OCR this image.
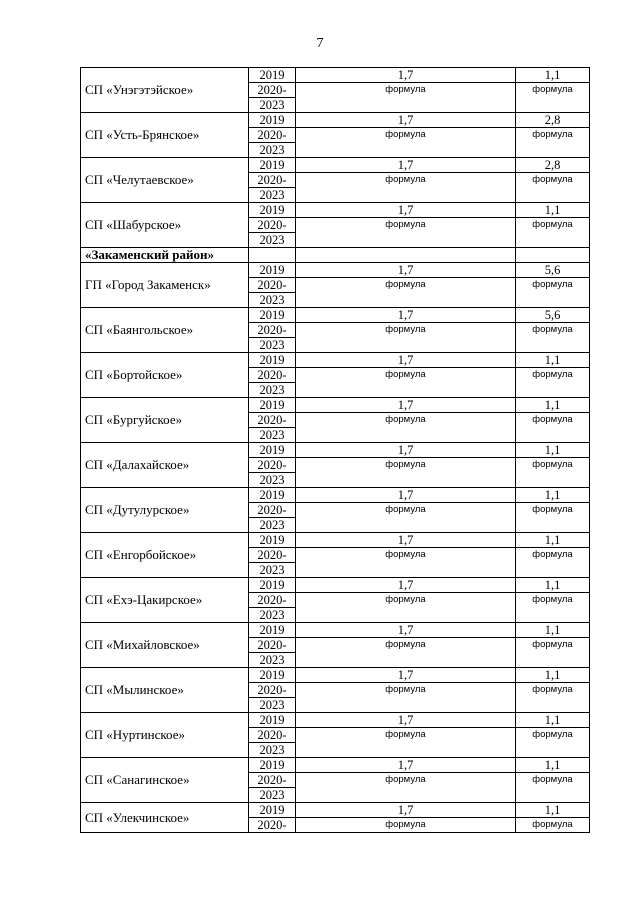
7
СП «Унэгэтэйское»	2019	1,7	1,1
	2020-	формула	формула
	2023		
СП «Усть-Брянское»	2019	1,7	2,8
	2020-	формула	формула
	2023		
СП «Челутаевское»	2019	1,7	2,8
	2020-	формула	формула
	2023		
СП «Шабурское»	2019	1,7	1,1
	2020-	формула	формула
	2023		
«Закаменский район»			
ГП «Город Закаменск»	2019	1,7	5,6
	2020-	формула	формула
	2023		
СП «Баянгольское»	2019	1,7	5,6
	2020-	формула	формула
	2023		
СП «Бортойское»	2019	1,7	1,1
	2020-	формула	формула
	2023		
СП «Бургуйское»	2019	1,7	1,1
	2020-	формула	формула
	2023		
СП «Далахайское»	2019	1,7	1,1
	2020-	формула	формула
	2023		
СП «Дутулурское»	2019	1,7	1,1
	2020-	формула	формула
	2023		
СП «Енгорбойское»	2019	1,7	1,1
	2020-	формула	формула
	2023		
СП «Ехэ-Цакирское»	2019	1,7	1,1
	2020-	формула	формула
	2023		
СП «Михайловское»	2019	1,7	1,1
	2020-	формула	формула
	2023		
СП «Мылинское»	2019	1,7	1,1
	2020-	формула	формула
	2023		
СП «Нуртинское»	2019	1,7	1,1
	2020-	формула	формула
	2023		
СП «Санагинское»	2019	1,7	1,1
	2020-	формула	формула
	2023		
СП «Улекчинское»	2019	1,7	1,1
	2020-	формула	формула
